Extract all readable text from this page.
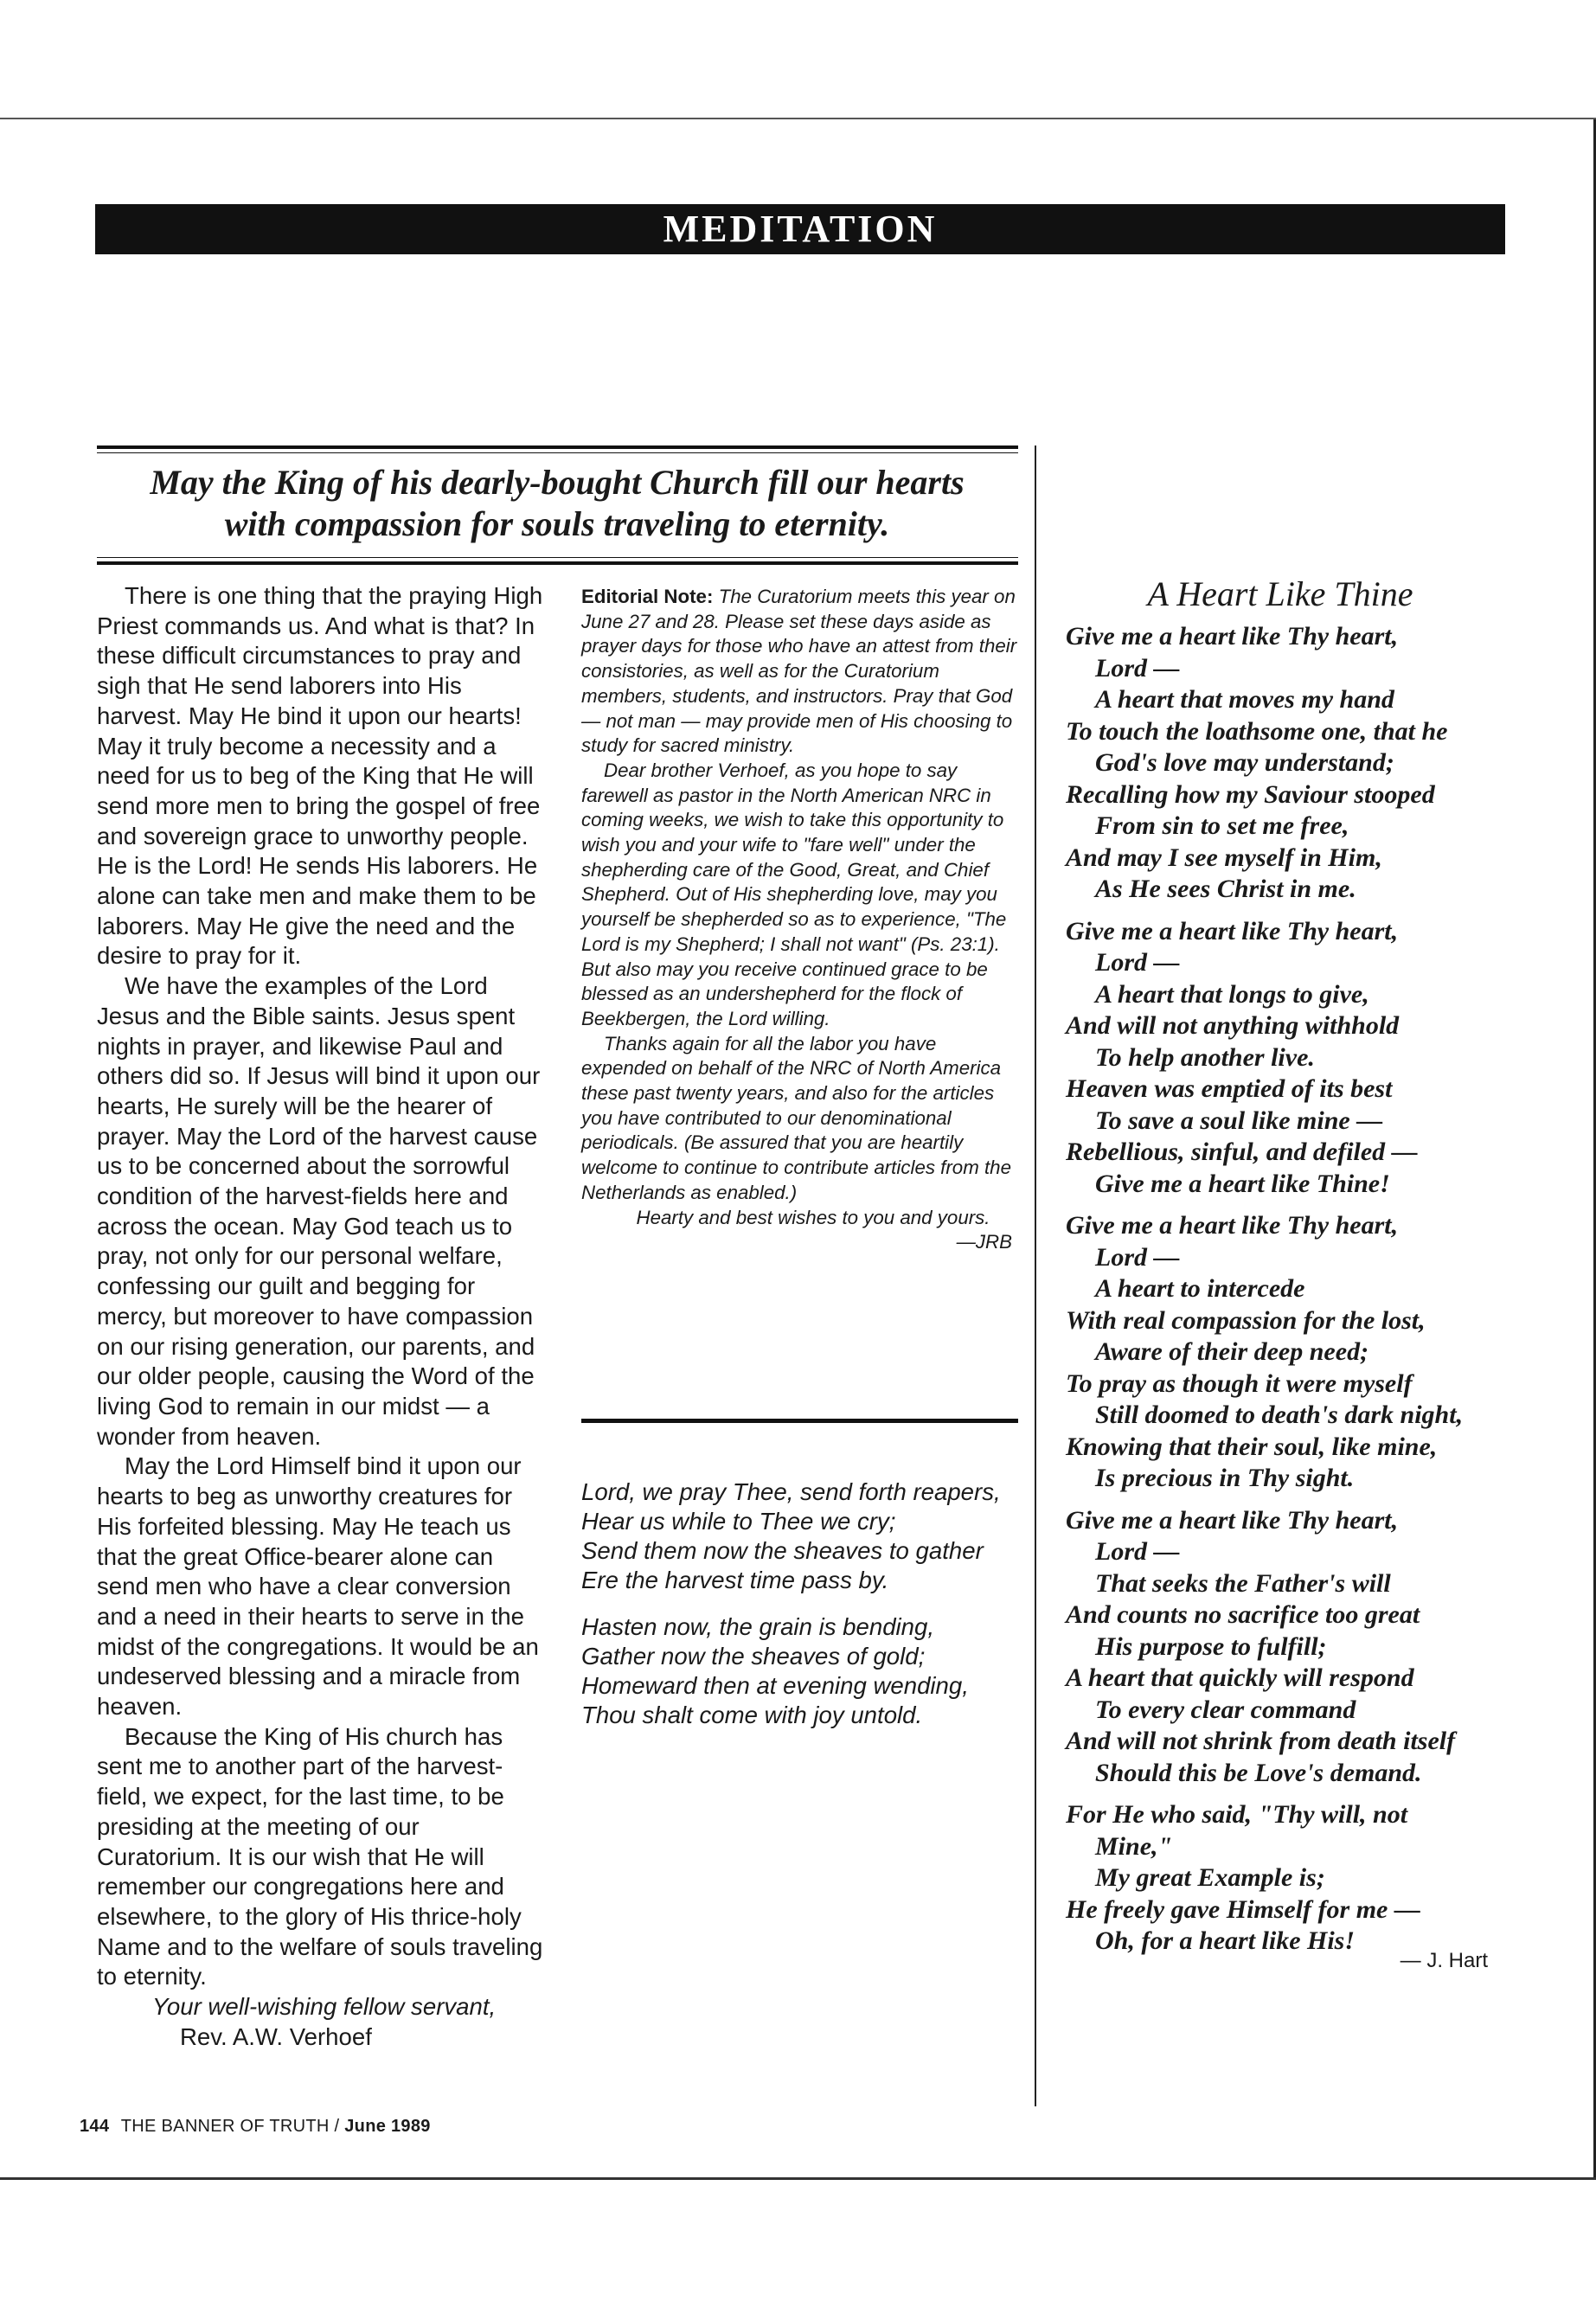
MEDITATION
May the King of his dearly-bought Church fill our hearts
with compassion for souls traveling to eternity.

There is one thing that the praying High Priest commands us. And what is that? In these difficult circumstances to pray and sigh that He send laborers into His harvest. May He bind it upon our hearts! May it truly become a necessity and a need for us to beg of the King that He will send more men to bring the gospel of free and sovereign grace to unworthy people. He is the Lord! He sends His laborers. He alone can take men and make them to be laborers. May He give the need and the desire to pray for it.

We have the examples of the Lord Jesus and the Bible saints. Jesus spent nights in prayer, and likewise Paul and others did so. If Jesus will bind it upon our hearts, He surely will be the hearer of prayer. May the Lord of the harvest cause us to be concerned about the sorrowful condition of the harvest-fields here and across the ocean. May God teach us to pray, not only for our personal welfare, confessing our guilt and begging for mercy, but moreover to have compassion on our rising generation, our parents, and our older people, causing the Word of the living God to remain in our midst — a wonder from heaven.

May the Lord Himself bind it upon our hearts to beg as unworthy creatures for His forfeited blessing. May He teach us that the great Office-bearer alone can send men who have a clear conversion and a need in their hearts to serve in the midst of the congregations. It would be an undeserved blessing and a miracle from heaven.

Because the King of His church has sent me to another part of the harvest-field, we expect, for the last time, to be presiding at the meeting of our Curatorium. It is our wish that He will remember our congregations here and elsewhere, to the glory of His thrice-holy Name and to the welfare of souls traveling to eternity.

Your well-wishing fellow servant,

Rev. A.W. Verhoef

Editorial Note: The Curatorium meets this year on June 27 and 28. Please set these days aside as prayer days for those who have an attest from their consistories, as well as for the Curatorium members, students, and instructors. Pray that God — not man — may provide men of His choosing to study for sacred ministry.

Dear brother Verhoef, as you hope to say farewell as pastor in the North American NRC in coming weeks, we wish to take this opportunity to wish you and your wife to "fare well" under the shepherding care of the Good, Great, and Chief Shepherd. Out of His shepherding love, may you yourself be shepherded so as to experience, "The Lord is my Shepherd; I shall not want" (Ps. 23:1). But also may you receive continued grace to be blessed as an undershepherd for the flock of Beekbergen, the Lord willing.

Thanks again for all the labor you have expended on behalf of the NRC of North America these past twenty years, and also for the articles you have contributed to our denominational periodicals. (Be assured that you are heartily welcome to continue to contribute articles from the Netherlands as enabled.)

Hearty and best wishes to you and yours.

—JRB

Lord, we pray Thee, send forth reapers,
Hear us while to Thee we cry;
Send them now the sheaves to gather
Ere the harvest time pass by.
Hasten now, the grain is bending,
Gather now the sheaves of gold;
Homeward then at evening wending,
Thou shalt come with joy untold.
A Heart Like Thine
Give me a heart like Thy heart,
Lord —
A heart that moves my hand
To touch the loathsome one, that he
God's love may understand;
Recalling how my Saviour stooped
From sin to set me free,
And may I see myself in Him,
As He sees Christ in me.
Give me a heart like Thy heart,
Lord —
A heart that longs to give,
And will not anything withhold
To help another live.
Heaven was emptied of its best
To save a soul like mine —
Rebellious, sinful, and defiled —
Give me a heart like Thine!
Give me a heart like Thy heart,
Lord —
A heart to intercede
With real compassion for the lost,
Aware of their deep need;
To pray as though it were myself
Still doomed to death's dark night,
Knowing that their soul, like mine,
Is precious in Thy sight.
Give me a heart like Thy heart,
Lord —
That seeks the Father's will
And counts no sacrifice too great
His purpose to fulfill;
A heart that quickly will respond
To every clear command
And will not shrink from death itself
Should this be Love's demand.
For He who said, "Thy will, not
Mine,"
My great Example is;
He freely gave Himself for me —
Oh, for a heart like His!
— J. Hart
144 THE BANNER OF TRUTH / June 1989
